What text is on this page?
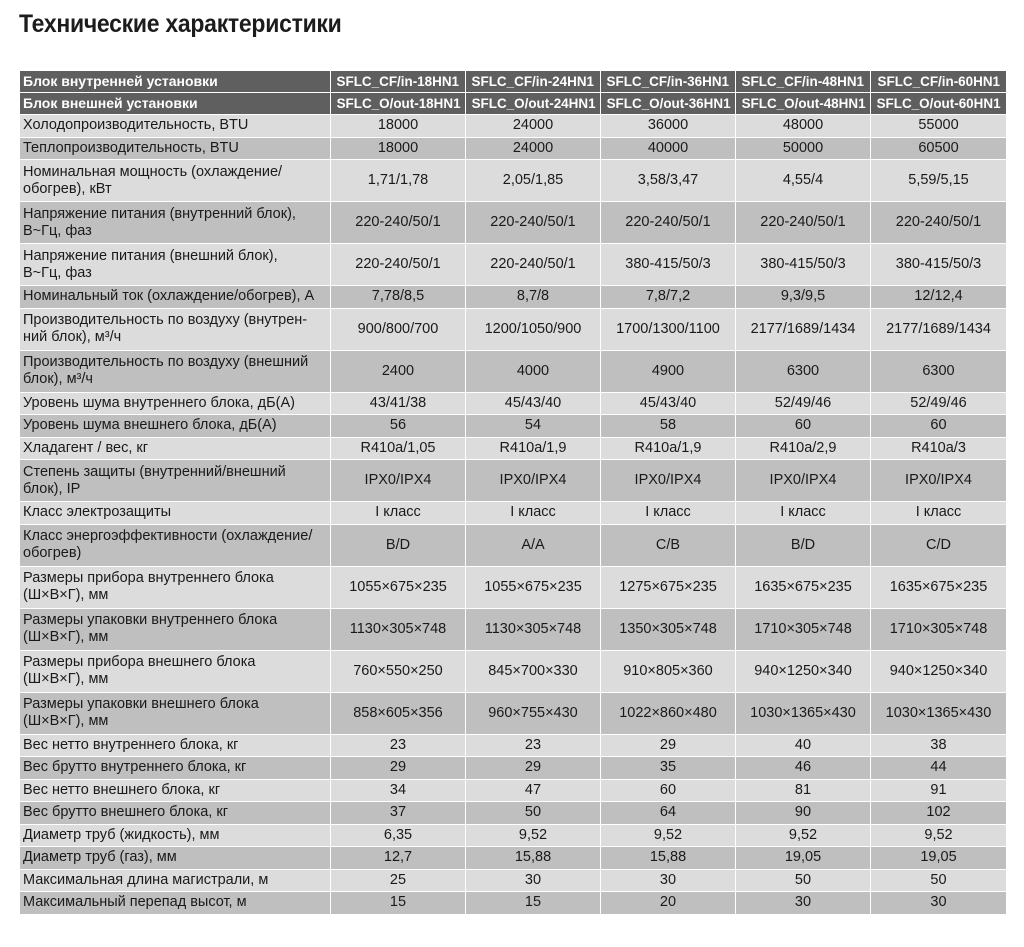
Технические характеристики
Блок внутренней установки	SFLC_CF/in-18HN1	SFLC_CF/in-24HN1	SFLC_CF/in-36HN1	SFLC_CF/in-48HN1	SFLC_CF/in-60HN1
Блок внешней установки	SFLC_O/out-18HN1	SFLC_O/out-24HN1	SFLC_O/out-36HN1	SFLC_O/out-48HN1	SFLC_O/out-60HN1

Холодопроизводительность, BTU	18000	24000	36000	48000	55000

Теплопроизводительность, BTU	18000	24000	40000	50000	60500

Номинальная мощность (охлаждение/
обогрев), кВт	1,71/1,78	2,05/1,85	3,58/3,47	4,55/4	5,59/5,15

Напряжение питания (внутренний блок),
В~Гц, фаз	220-240/50/1	220-240/50/1	220-240/50/1	220-240/50/1	220-240/50/1

Напряжение питания (внешний блок),
В~Гц, фаз	220-240/50/1	220-240/50/1	380-415/50/3	380-415/50/3	380-415/50/3

Номинальный ток (охлаждение/обогрев), А	7,78/8,5	8,7/8	7,8/7,2	9,3/9,5	12/12,4

Производительность по воздуху (внутрен-
ний блок), м³/ч	900/800/700	1200/1050/900	1700/1300/1100	2177/1689/1434	2177/1689/1434

Производительность по воздуху (внешний
блок), м³/ч	2400	4000	4900	6300	6300

Уровень шума внутреннего блока, дБ(А)	43/41/38	45/43/40	45/43/40	52/49/46	52/49/46

Уровень шума внешнего блока, дБ(А)	56	54	58	60	60

Хладагент / вес, кг	R410a/1,05	R410a/1,9	R410a/1,9	R410a/2,9	R410a/3

Степень защиты (внутренний/внешний
блок), IP	IPX0/IPX4	IPX0/IPX4	IPX0/IPX4	IPX0/IPX4	IPX0/IPX4

Класс электрозащиты	I класс	I класс	I класс	I класс	I класс

Класс энергоэффективности (охлаждение/
обогрев)	B/D	A/A	C/B	B/D	C/D

Размеры прибора внутреннего блока
(Ш×В×Г), мм	1055×675×235	1055×675×235	1275×675×235	1635×675×235	1635×675×235

Размеры упаковки внутреннего блока
(Ш×В×Г), мм	1130×305×748	1130×305×748	1350×305×748	1710×305×748	1710×305×748

Размеры прибора внешнего блока
(Ш×В×Г), мм	760×550×250	845×700×330	910×805×360	940×1250×340	940×1250×340

Размеры упаковки внешнего блока
(Ш×В×Г), мм	858×605×356	960×755×430	1022×860×480	1030×1365×430	1030×1365×430

Вес нетто внутреннего блока, кг	23	23	29	40	38

Вес брутто внутреннего блока, кг	29	29	35	46	44

Вес нетто внешнего блока, кг	34	47	60	81	91

Вес брутто внешнего блока, кг	37	50	64	90	102

Диаметр труб (жидкость), мм	6,35	9,52	9,52	9,52	9,52

Диаметр труб (газ), мм	12,7	15,88	15,88	19,05	19,05

Максимальная длина магистрали, м	25	30	30	50	50

Максимальный перепад высот, м	15	15	20	30	30
